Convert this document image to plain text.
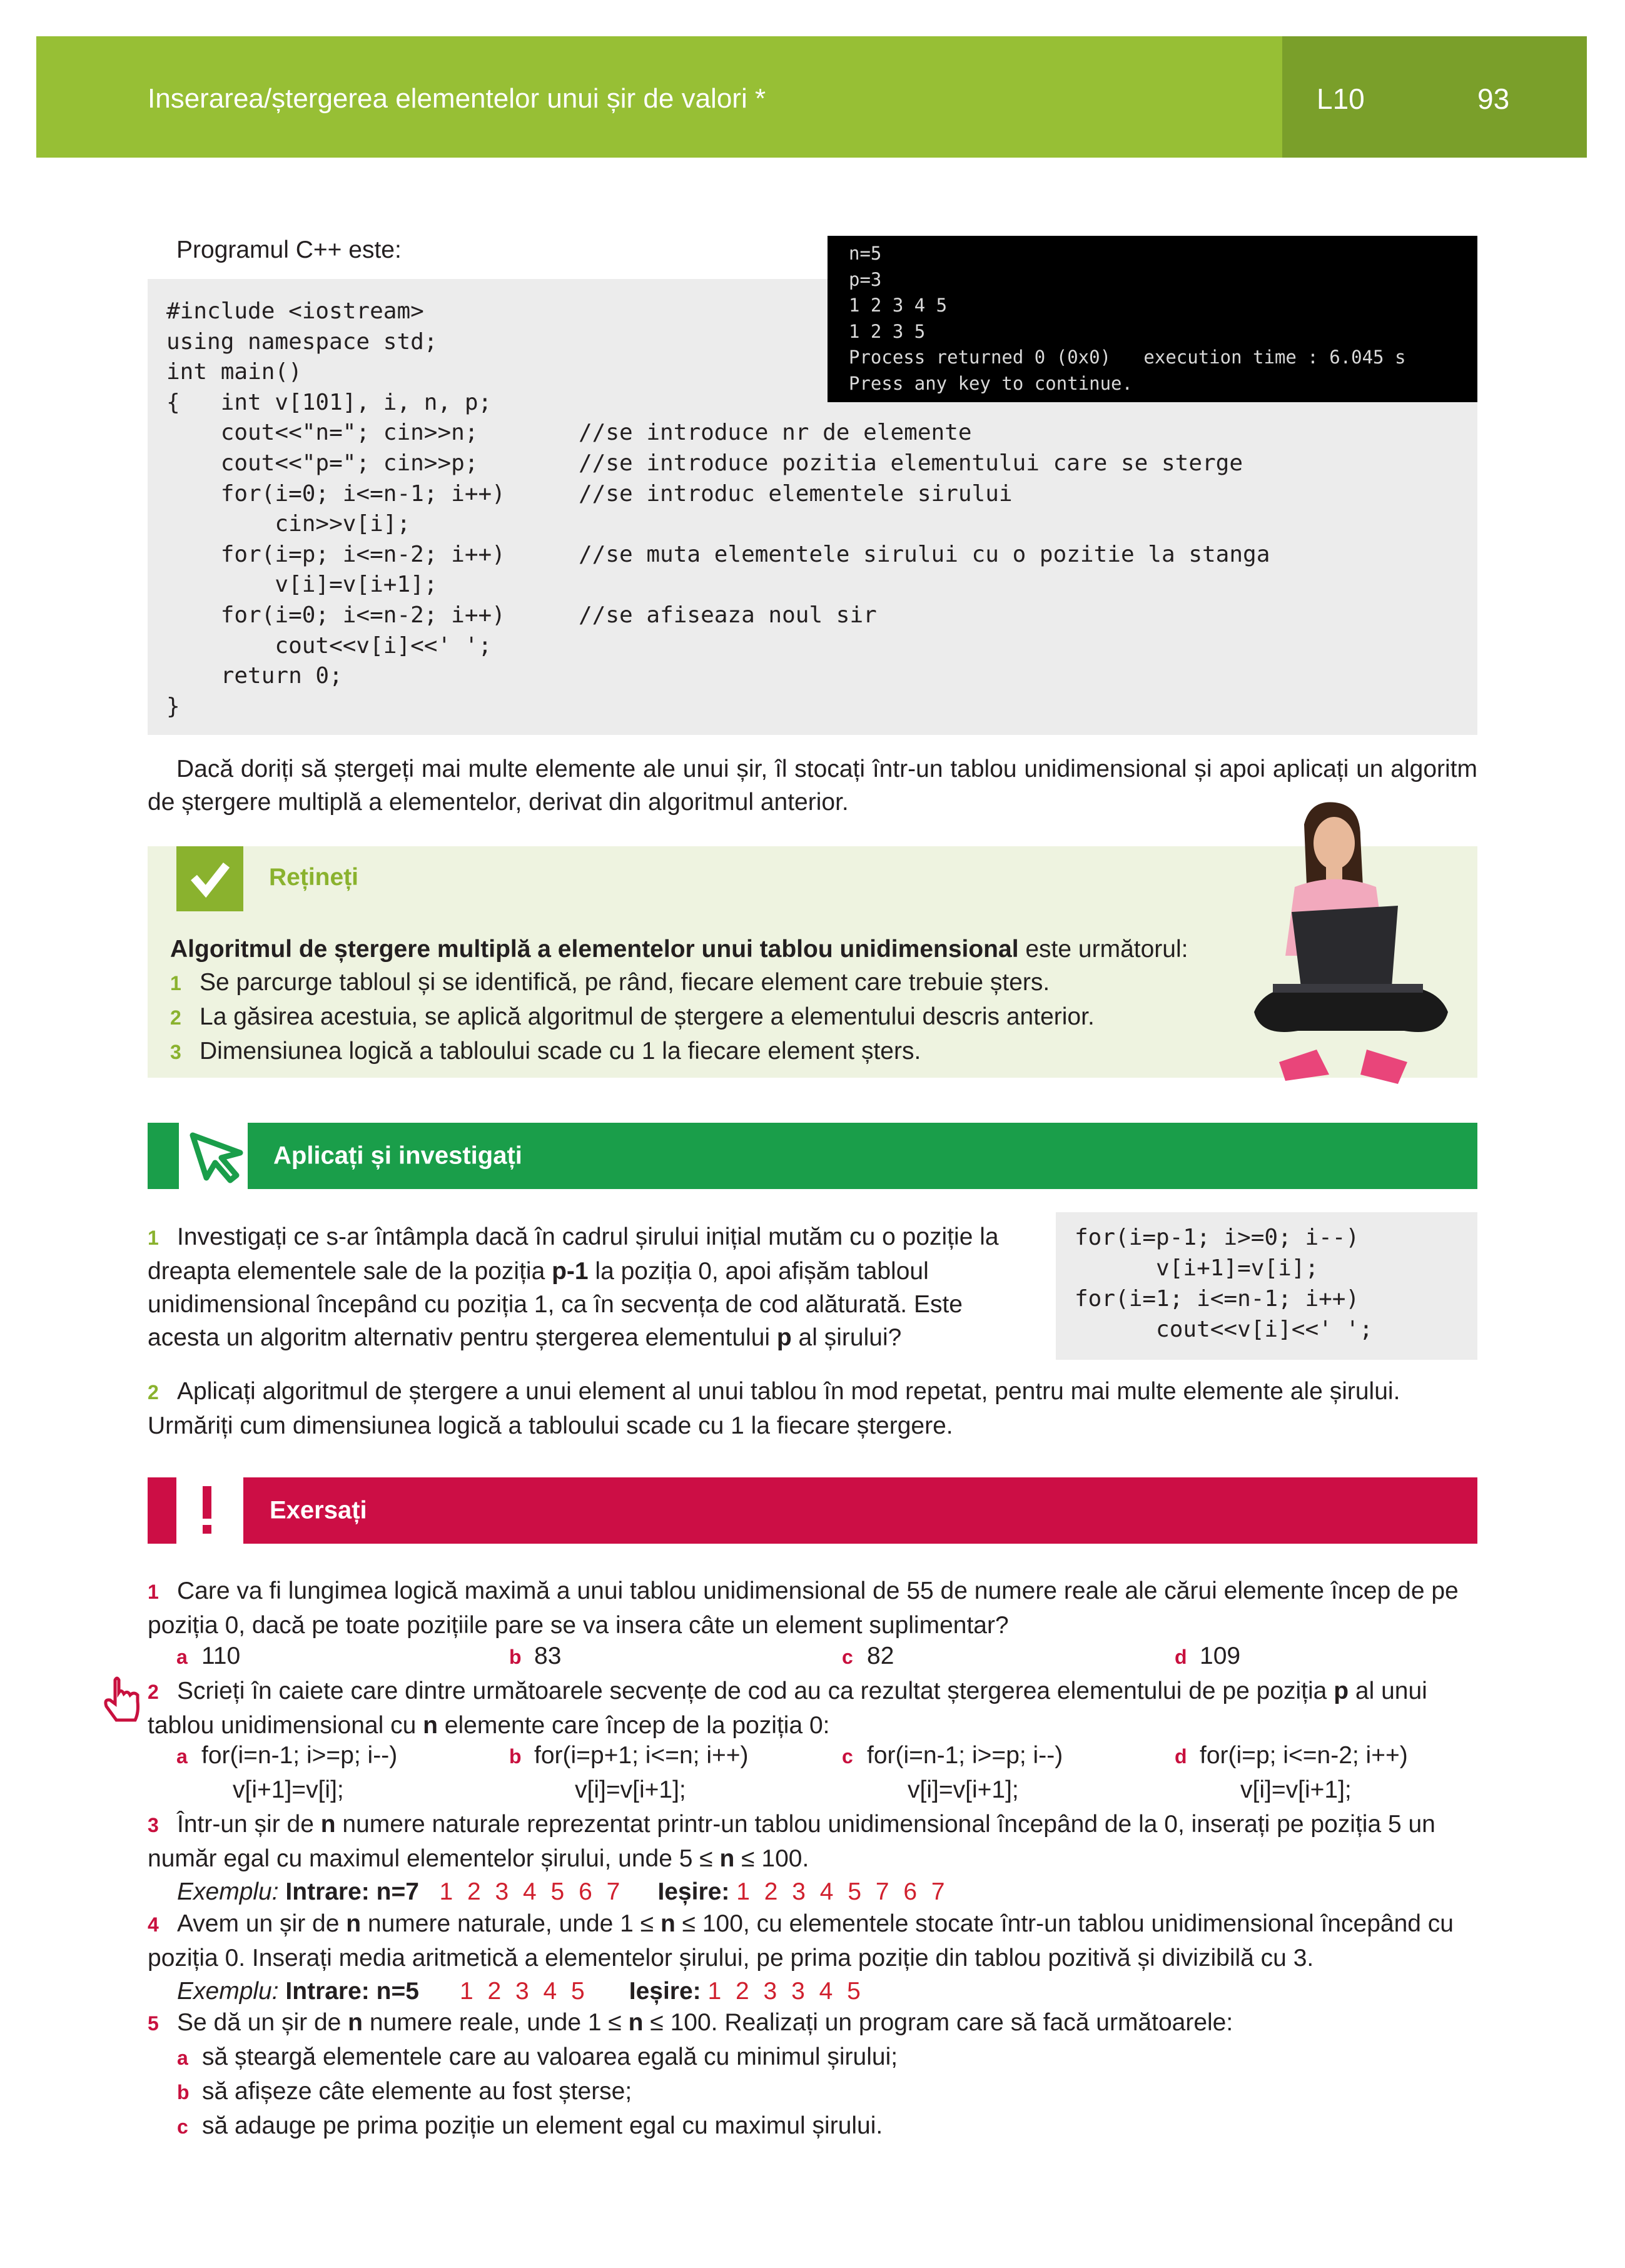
Inserarea/ștergerea elementelor unui șir de valori *	L10	93
Programul C++ este:
#include <iostream>
using namespace std;
int main()
{   int v[101], i, n, p;
cout<<"n="; cin>>n;	//se introduce nr de elemente
cout<<"p="; cin>>p;	//se introduce pozitia elementului care se sterge
for(i=0; i<=n-1; i++)	//se introduc elementele sirului
cin>>v[i];
for(i=p; i<=n-2; i++)	//se muta elementele sirului cu o pozitie la stanga
v[i]=v[i+1];
for(i=0; i<=n-2; i++)	//se afiseaza noul sir
cout<<v[i]<<' ';
return 0;
}
n=5
p=3
1 2 3 4 5
1 2 3 5
Process returned 0 (0x0)   execution time : 6.045 s
Press any key to continue.
Dacă doriți să ștergeți mai multe elemente ale unui șir, îl stocați într-un tablou unidimensional și apoi aplicați un algoritm de ștergere multiplă a elementelor, derivat din algoritmul anterior.
Rețineți
Algoritmul de ștergere multiplă a elementelor unui tablou unidimensional este următorul:
1 Se parcurge tabloul și se identifică, pe rând, fiecare element care trebuie șters.
2 La găsirea acestuia, se aplică algoritmul de ștergere a elementului descris anterior.
3 Dimensiunea logică a tabloului scade cu 1 la fiecare element șters.
Aplicați și investigați
1 Investigați ce s-ar întâmpla dacă în cadrul șirului inițial mutăm cu o poziție la dreapta elementele sale de la poziția p-1 la poziția 0, apoi afișăm tabloul unidimensional începând cu poziția 1, ca în secvența de cod alăturată. Este acesta un algoritm alternativ pentru ștergerea elementului p al șirului?
for(i=p-1; i>=0; i--)
v[i+1]=v[i];
for(i=1; i<=n-1; i++)
cout<<v[i]<<' ';
2 Aplicați algoritmul de ștergere a unui element al unui tablou în mod repetat, pentru mai multe elemente ale șirului. Urmăriți cum dimensiunea logică a tabloului scade cu 1 la fiecare ștergere.
Exersați
1 Care va fi lungimea logică maximă a unui tablou unidimensional de 55 de numere reale ale cărui elemente încep de pe poziția 0, dacă pe toate pozițiile pare se va insera câte un element suplimentar?
a 110	b 83	c 82	d 109
2 Scrieți în caiete care dintre următoarele secvențe de cod au ca rezultat ștergerea elementului de pe poziția p al unui tablou unidimensional cu n elemente care încep de la poziția 0:
a for(i=n-1; i>=p; i--)
v[i+1]=v[i];
b for(i=p+1; i<=n; i++)
v[i]=v[i+1];
c for(i=n-1; i>=p; i--)
v[i]=v[i+1];
d for(i=p; i<=n-2; i++)
v[i]=v[i+1];
3 Într-un șir de n numere naturale reprezentat printr-un tablou unidimensional începând de la 0, inserați pe poziția 5 un număr egal cu maximul elementelor șirului, unde 5 ≤ n ≤ 100.
Exemplu: Intrare: n=7 1 2 3 4 5 6 7 Ieșire: 1 2 3 4 5 7 6 7
4 Avem un șir de n numere naturale, unde 1 ≤ n ≤ 100, cu elementele stocate într-un tablou unidimensional începând cu poziția 0. Inserați media aritmetică a elementelor șirului, pe prima poziție din tablou pozitivă și divizibilă cu 3.
Exemplu: Intrare: n=5 1 2 3 4 5 Ieșire: 1 2 3 3 4 5
5 Se dă un șir de n numere reale, unde 1 ≤ n ≤ 100. Realizați un program care să facă următoarele:
a să șteargă elementele care au valoarea egală cu minimul șirului;
b să afișeze câte elemente au fost șterse;
c să adauge pe prima poziție un element egal cu maximul șirului.
